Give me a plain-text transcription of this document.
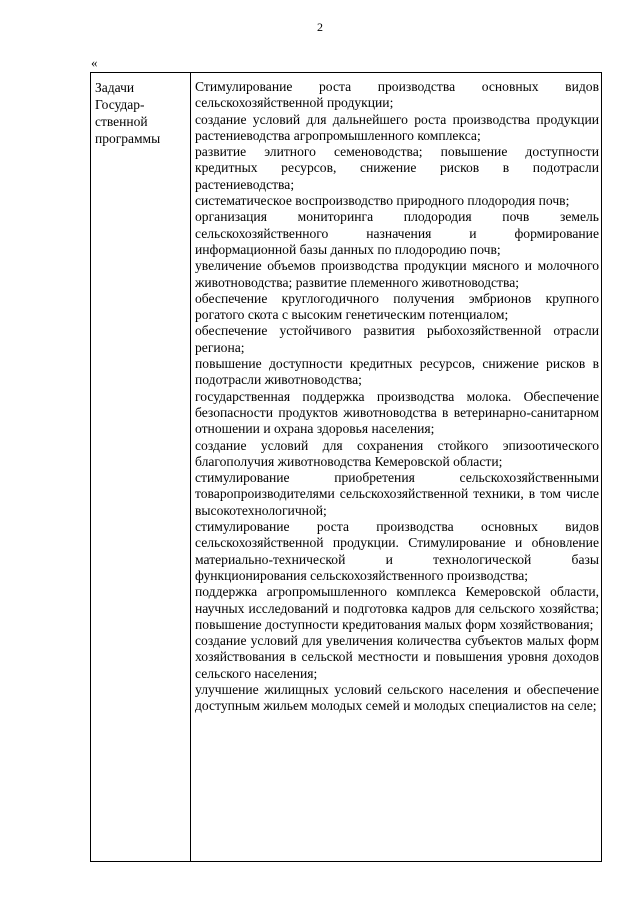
2
«
Задачи
Государ-
ственной
программы

Стимулирование роста производства основных видов сельскохозяйственной продукции;

создание условий для дальнейшего роста производства продукции растениеводства агропромышленного комплекса;

развитие элитного семеноводства; повышение доступности кредитных ресурсов, снижение рисков в подотрасли растениеводства;

систематическое воспроизводство природного плодородия почв;

организация мониторинга плодородия почв земель сельскохозяйственного назначения и формирование информационной базы данных по плодородию почв;

увеличение объемов производства продукции мясного и молочного животноводства; развитие племенного животноводства;

обеспечение круглогодичного получения эмбрионов крупного рогатого скота с высоким генетическим потенциалом;

обеспечение устойчивого развития рыбохозяйственной отрасли региона;

повышение доступности кредитных ресурсов, снижение рисков в подотрасли животноводства;

государственная поддержка производства молока. Обеспечение безопасности продуктов животноводства в ветеринарно-санитарном отношении и охрана здоровья населения;

создание условий для сохранения стойкого эпизоотического благополучия животноводства Кемеровской области;

стимулирование приобретения сельскохозяйственными товаропроизводителями сельскохозяйственной техники, в том числе высокотехнологичной;

стимулирование роста производства основных видов сельскохозяйственной продукции. Стимулирование и обновление материально-технической и технологической базы функционирования сельскохозяйственного производства;

поддержка агропромышленного комплекса Кемеровской области, научных исследований и подготовка кадров для сельского хозяйства; повышение доступности кредитования малых форм хозяйствования;

создание условий для увеличения количества субъектов малых форм хозяйствования в сельской местности и повышения уровня доходов сельского населения;

улучшение жилищных условий сельского населения и обеспечение доступным жильем молодых семей и молодых специалистов на селе;
